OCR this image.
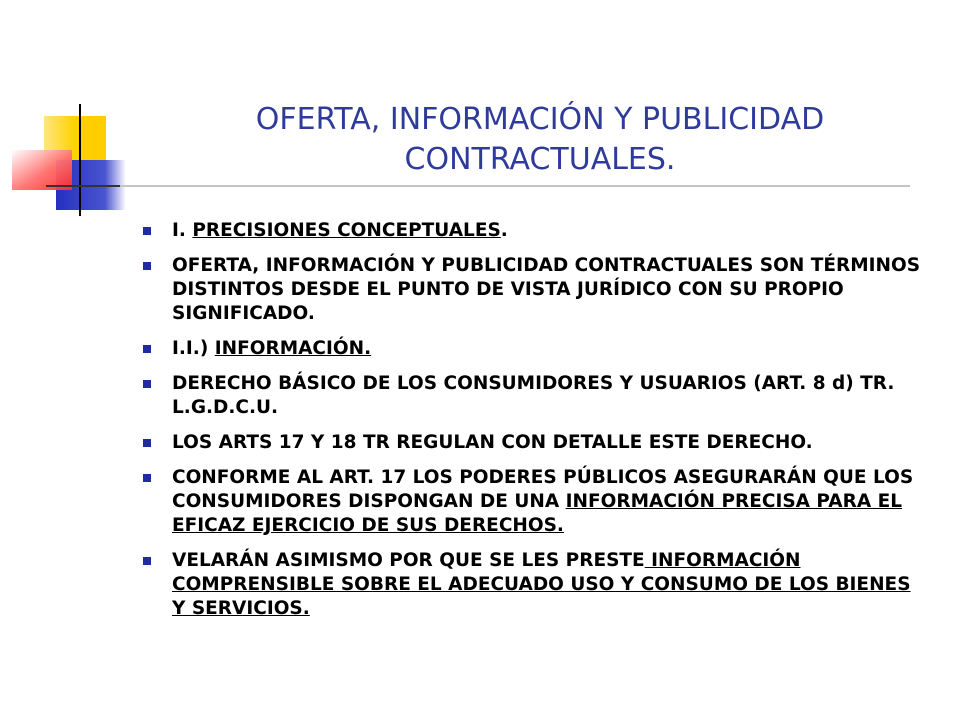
OFERTA, INFORMACIÓN Y PUBLICIDAD
CONTRACTUALES.
I. PRECISIONES CONCEPTUALES.
OFERTA, INFORMACIÓN Y PUBLICIDAD CONTRACTUALES SON TÉRMINOS DISTINTOS DESDE EL PUNTO DE VISTA JURÍDICO CON SU PROPIO SIGNIFICADO.
I.I.) INFORMACIÓN.
DERECHO BÁSICO DE LOS CONSUMIDORES Y USUARIOS (ART. 8 d) TR. L.G.D.C.U.
LOS ARTS 17 Y 18 TR REGULAN CON DETALLE ESTE DERECHO.
CONFORME AL ART. 17 LOS PODERES PÚBLICOS ASEGURARÁN QUE LOS CONSUMIDORES DISPONGAN DE UNA INFORMACIÓN PRECISA PARA EL EFICAZ EJERCICIO DE SUS DERECHOS.
VELARÁN ASIMISMO POR QUE SE LES PRESTE INFORMACIÓN COMPRENSIBLE SOBRE EL ADECUADO USO Y CONSUMO DE LOS BIENES Y SERVICIOS.
